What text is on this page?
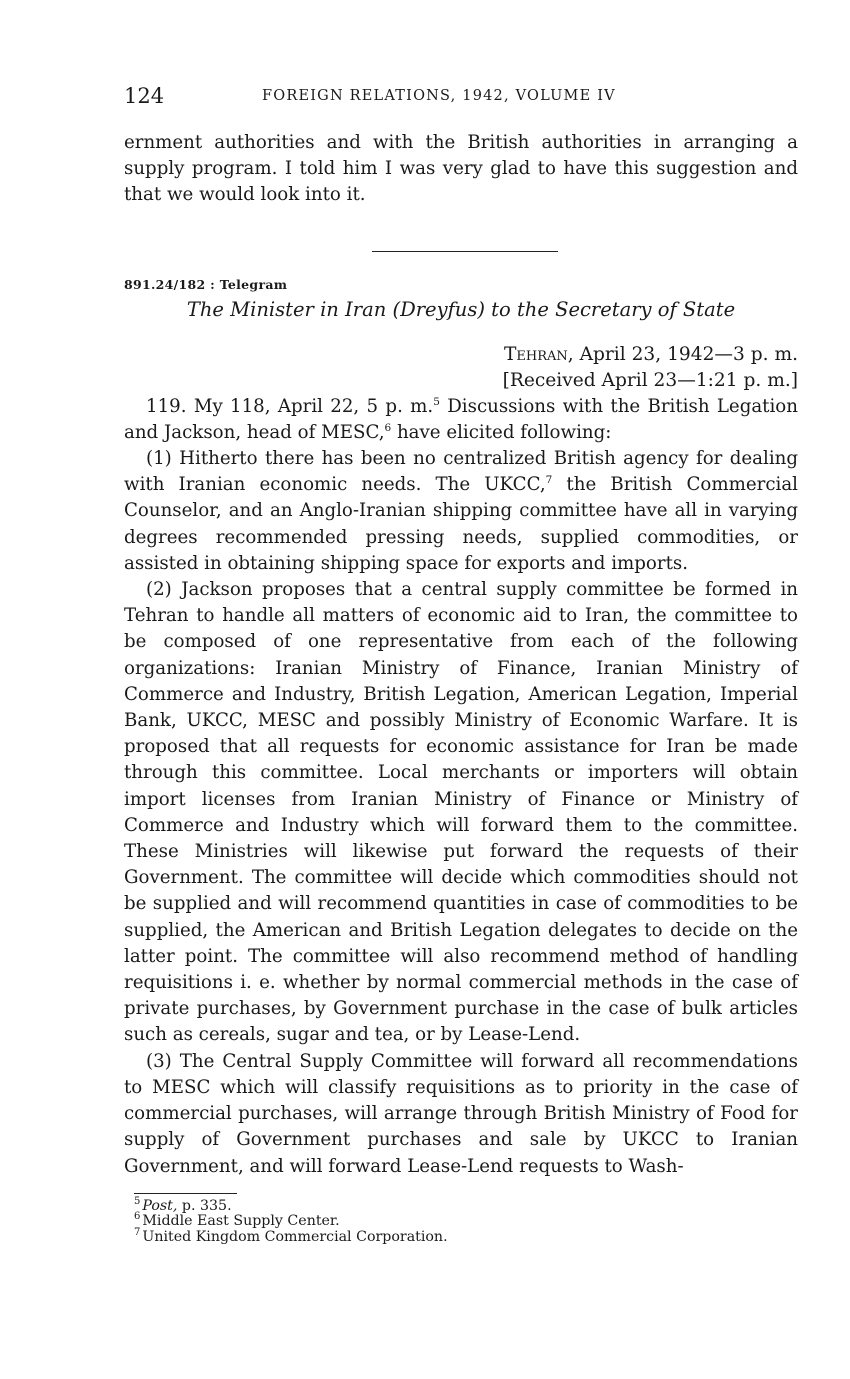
124	FOREIGN RELATIONS, 1942, VOLUME IV

ernment authorities and with the British authorities in arranging a supply program. I told him I was very glad to have this suggestion and that we would look into it.

891.24/182 : Telegram
The Minister in Iran (Dreyfus) to the Secretary of State
Tehran, April 23, 1942—3 p. m.
[Received April 23—1:21 p. m.]

119. My 118, April 22, 5 p. m.$^5$ Discussions with the British Legation and Jackson, head of MESC,$^6$ have elicited following:

(1) Hitherto there has been no centralized British agency for dealing with Iranian economic needs. The UKCC,$^7$ the British Commercial Counselor, and an Anglo-Iranian shipping committee have all in varying degrees recommended pressing needs, supplied commodities, or assisted in obtaining shipping space for exports and imports.

(2) Jackson proposes that a central supply committee be formed in Tehran to handle all matters of economic aid to Iran, the committee to be composed of one representative from each of the following organizations: Iranian Ministry of Finance, Iranian Ministry of Commerce and Industry, British Legation, American Legation, Imperial Bank, UKCC, MESC and possibly Ministry of Economic Warfare. It is proposed that all requests for economic assistance for Iran be made through this committee. Local merchants or importers will obtain import licenses from Iranian Ministry of Finance or Ministry of Commerce and Industry which will forward them to the committee. These Ministries will likewise put forward the requests of their Government. The committee will decide which commodities should not be supplied and will recommend quantities in case of commodities to be supplied, the American and British Legation delegates to decide on the latter point. The committee will also recommend method of handling requisitions i. e. whether by normal commercial methods in the case of private purchases, by Government purchase in the case of bulk articles such as cereals, sugar and tea, or by Lease-Lend.

(3) The Central Supply Committee will forward all recommendations to MESC which will classify requisitions as to priority in the case of commercial purchases, will arrange through British Ministry of Food for supply of Government purchases and sale by UKCC to Iranian Government, and will forward Lease-Lend requests to Wash-

$^5$ Post, p. 335.
$^6$ Middle East Supply Center.
$^7$ United Kingdom Commercial Corporation.
